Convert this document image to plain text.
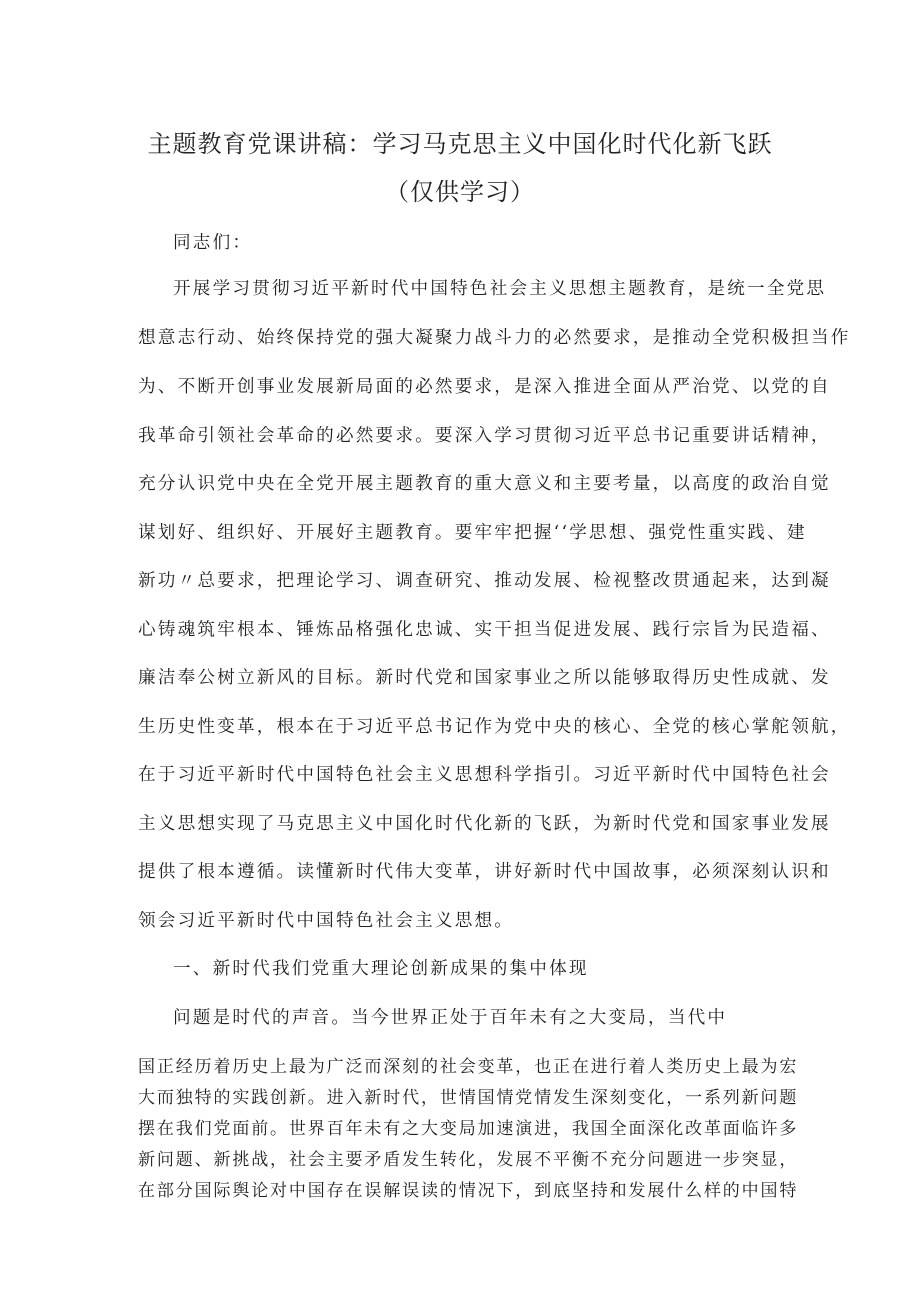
主题教育党课讲稿：学习马克思主义中国化时代化新飞跃
（仅供学习）
同志们：
开展学习贯彻习近平新时代中国特色社会主义思想主题教育，是统一全党思
想意志行动、始终保持党的强大凝聚力战斗力的必然要求，是推动全党积极担当作
为、不断开创事业发展新局面的必然要求，是深入推进全面从严治党、以党的自
我革命引领社会革命的必然要求。要深入学习贯彻习近平总书记重要讲话精神，
充分认识党中央在全党开展主题教育的重大意义和主要考量，以高度的政治自觉
谋划好、组织好、开展好主题教育。要牢牢把握‘‘学思想、强党性重实践、建
新功〃总要求，把理论学习、调查研究、推动发展、检视整改贯通起来，达到凝
心铸魂筑牢根本、锤炼品格强化忠诚、实干担当促进发展、践行宗旨为民造福、
廉洁奉公树立新风的目标。新时代党和国家事业之所以能够取得历史性成就、发
生历史性变革，根本在于习近平总书记作为党中央的核心、全党的核心掌舵领航，
在于习近平新时代中国特色社会主义思想科学指引。习近平新时代中国特色社会
主义思想实现了马克思主义中国化时代化新的飞跃，为新时代党和国家事业发展
提供了根本遵循。读懂新时代伟大变革，讲好新时代中国故事，必须深刻认识和
领会习近平新时代中国特色社会主义思想。
一、新时代我们党重大理论创新成果的集中体现
问题是时代的声音。当今世界正处于百年未有之大变局，当代中
国正经历着历史上最为广泛而深刻的社会变革，也正在进行着人类历史上最为宏
大而独特的实践创新。进入新时代，世情国情党情发生深刻变化，一系列新问题
摆在我们党面前。世界百年未有之大变局加速演进，我国全面深化改革面临许多
新问题、新挑战，社会主要矛盾发生转化，发展不平衡不充分问题进一步突显，
在部分国际舆论对中国存在误解误读的情况下，到底坚持和发展什么样的中国特
